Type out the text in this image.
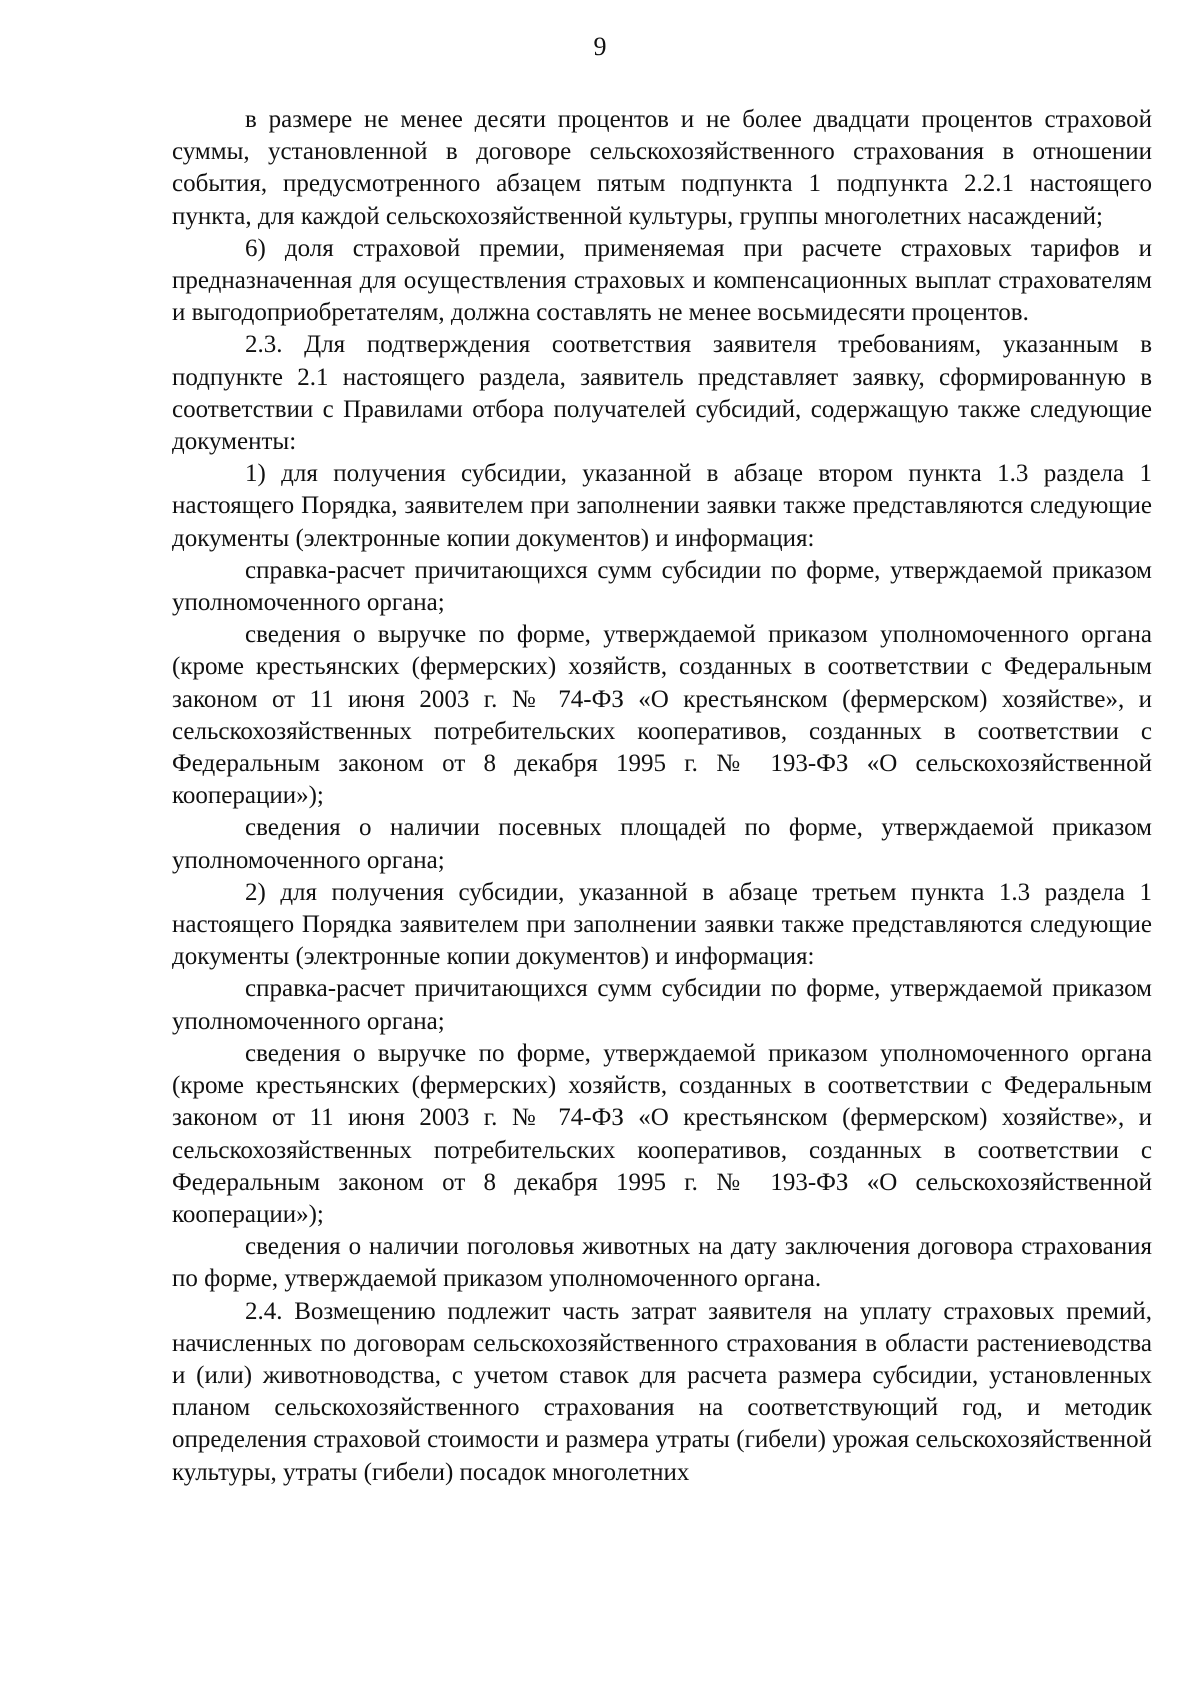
9

в размере не менее десяти процентов и не более двадцати процентов страховой суммы, установленной в договоре сельскохозяйственного страхования в отношении события, предусмотренного абзацем пятым подпункта 1 подпункта 2.2.1 настоящего пункта, для каждой сельскохозяйственной культуры, группы многолетних насаждений;

6) доля страховой премии, применяемая при расчете страховых тарифов и предназначенная для осуществления страховых и компенсационных выплат страхователям и выгодоприобретателям, должна составлять не менее восьмидесяти процентов.

2.3. Для подтверждения соответствия заявителя требованиям, указанным в подпункте 2.1 настоящего раздела, заявитель представляет заявку, сформированную в соответствии с Правилами отбора получателей субсидий, содержащую также следующие документы:

1) для получения субсидии, указанной в абзаце втором пункта 1.3 раздела 1 настоящего Порядка, заявителем при заполнении заявки также представляются следующие документы (электронные копии документов) и информация:

справка-расчет причитающихся сумм субсидии по форме, утверждаемой приказом уполномоченного органа;

сведения о выручке по форме, утверждаемой приказом уполномоченного органа (кроме крестьянских (фермерских) хозяйств, созданных в соответствии с Федеральным законом от 11 июня 2003 г. № 74-ФЗ «О крестьянском (фермерском) хозяйстве», и сельскохозяйственных потребительских кооперативов, созданных в соответствии с Федеральным законом от 8 декабря 1995 г. № 193-ФЗ «О сельскохозяйственной кооперации»);

сведения о наличии посевных площадей по форме, утверждаемой приказом уполномоченного органа;

2) для получения субсидии, указанной в абзаце третьем пункта 1.3 раздела 1 настоящего Порядка заявителем при заполнении заявки также представляются следующие документы (электронные копии документов) и информация:

справка-расчет причитающихся сумм субсидии по форме, утверждаемой приказом уполномоченного органа;

сведения о выручке по форме, утверждаемой приказом уполномоченного органа (кроме крестьянских (фермерских) хозяйств, созданных в соответствии с Федеральным законом от 11 июня 2003 г. № 74-ФЗ «О крестьянском (фермерском) хозяйстве», и сельскохозяйственных потребительских кооперативов, созданных в соответствии с Федеральным законом от 8 декабря 1995 г. № 193-ФЗ «О сельскохозяйственной кооперации»);

сведения о наличии поголовья животных на дату заключения договора страхования по форме, утверждаемой приказом уполномоченного органа.

2.4. Возмещению подлежит часть затрат заявителя на уплату страховых премий, начисленных по договорам сельскохозяйственного страхования в области растениеводства и (или) животноводства, с учетом ставок для расчета размера субсидии, установленных планом сельскохозяйственного страхования на соответствующий год, и методик определения страховой стоимости и размера утраты (гибели) урожая сельскохозяйственной культуры, утраты (гибели) посадок многолетних
